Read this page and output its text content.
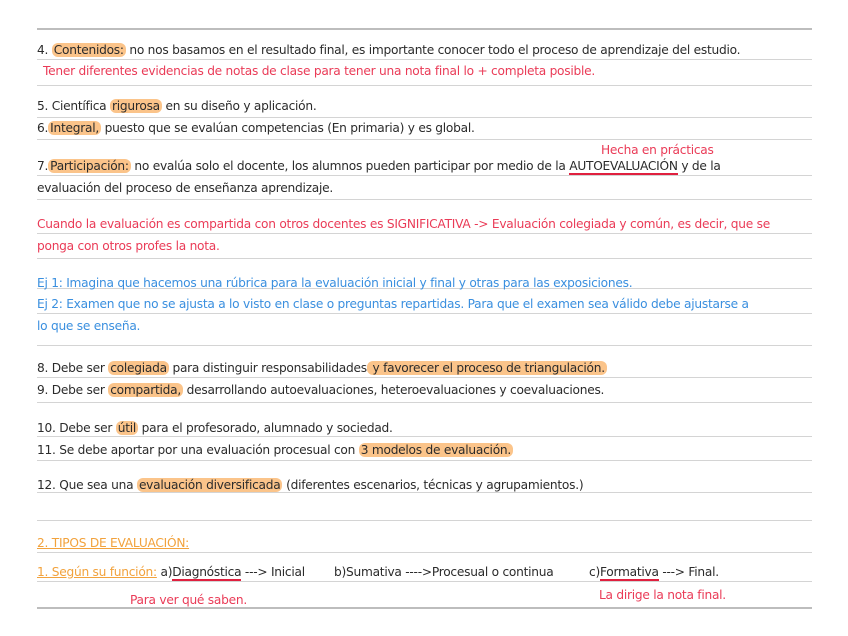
4. Contenidos: no nos basamos en el resultado final, es importante conocer todo el proceso de aprendizaje del estudio.
Tener diferentes evidencias de notas de clase para tener una nota final lo + completa posible.
5. Científica rigurosa en su diseño y aplicación.
6. Integral, puesto que se evalúan competencias (En primaria) y es global.
Hecha en prácticas
7. Participación: no evalúa solo el docente, los alumnos pueden participar por medio de la AUTOEVALUACIÓN y de la
evaluación del proceso de enseñanza aprendizaje.
Cuando la evaluación es compartida con otros docentes es SIGNIFICATIVA -> Evaluación colegiada y común, es decir, que se
ponga con otros profes la nota.
Ej 1: Imagina que hacemos una rúbrica para la evaluación inicial y final y otras para las exposiciones.
Ej 2: Examen que no se ajusta a lo visto en clase o preguntas repartidas. Para que el examen sea válido debe ajustarse a
lo que se enseña.
8. Debe ser colegiada para distinguir responsabilidades y favorecer el proceso de triangulación.
9. Debe ser compartida, desarrollando autoevaluaciones, heteroevaluaciones y coevaluaciones.
10. Debe ser útil para el profesorado, alumnado y sociedad.
11. Se debe aportar por una evaluación procesual con 3 modelos de evaluación.
12. Que sea una evaluación diversificada (diferentes escenarios, técnicas y agrupamientos.)
2. TIPOS DE EVALUACIÓN:
1. Según su función: a)Diagnóstica ---> Inicial b)Sumativa ---->Procesual o continua	c)Formativa ---> Final.
Para ver qué saben.	La dirige la nota final.
